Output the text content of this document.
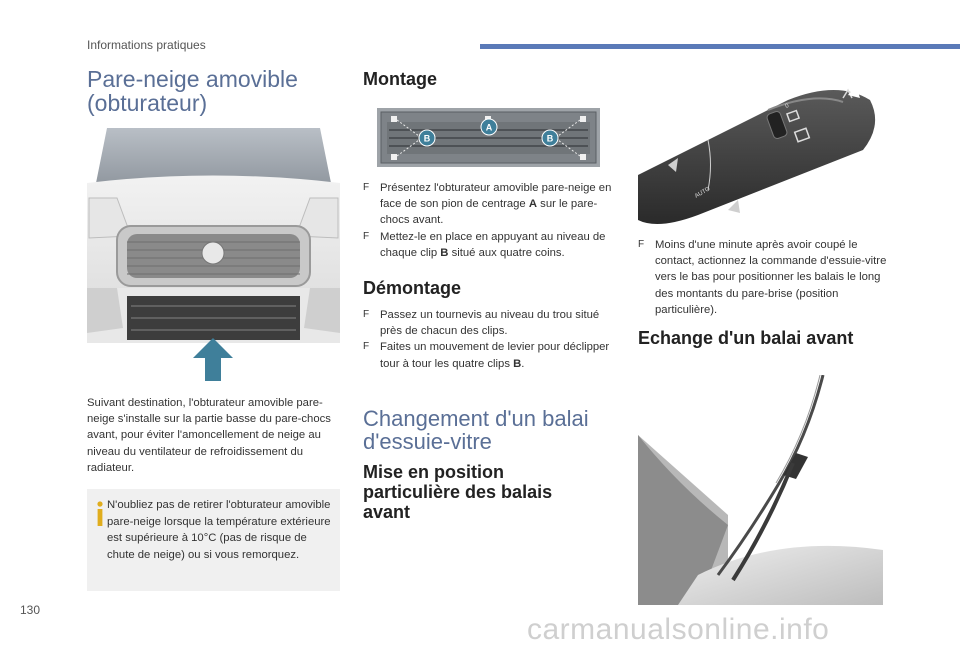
Informations pratiques
Pare-neige amovible (obturateur)
Suivant destination, l'obturateur amovible pare-neige s'installe sur la partie basse du pare-chocs avant, pour éviter l'amoncellement de neige au niveau du ventilateur de refroidissement du radiateur.
N'oubliez pas de retirer l'obturateur amovible pare-neige lorsque la température extérieure est supérieure à 10°C (pas de risque de chute de neige) ou si vous remorquez.
130
Montage
B
A
B
F Présentez l'obturateur amovible pare-neige en face de son pion de centrage A sur le pare-chocs avant.
F Mettez-le en place en appuyant au niveau de chaque clip B situé aux quatre coins.
Démontage
F Passez un tournevis au niveau du trou situé près de chacun des clips.
F Faites un mouvement de levier pour déclipper tour à tour les quatre clips B.
Changement d'un balai d'essuie-vitre
Mise en position particulière des balais avant
0
AUTO
F Moins d'une minute après avoir coupé le contact, actionnez la commande d'essuie-vitre vers le bas pour positionner les balais le long des montants du pare-brise (position particulière).
Echange d'un balai avant
carmanualsonline.info
